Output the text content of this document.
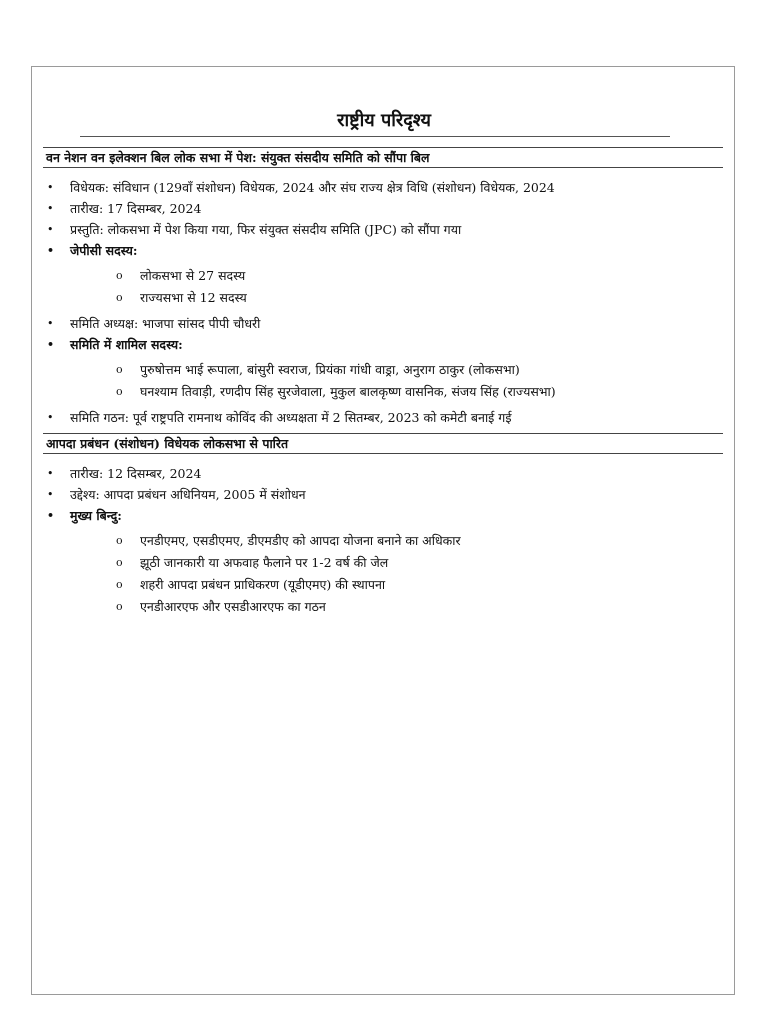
राष्ट्रीय परिदृश्य
वन नेशन वन इलेक्शन बिल लोक सभा में पेश: संयुक्त संसदीय समिति को सौंपा बिल
• विधेयक: संविधान (129वाँ संशोधन) विधेयक, 2024 और संघ राज्य क्षेत्र विधि (संशोधन) विधेयक, 2024
• तारीख: 17 दिसम्बर, 2024
• प्रस्तुति: लोकसभा में पेश किया गया, फिर संयुक्त संसदीय समिति (JPC) को सौंपा गया
• जेपीसी सदस्य:
o लोकसभा से 27 सदस्य
o राज्यसभा से 12 सदस्य
• समिति अध्यक्ष: भाजपा सांसद पीपी चौधरी
• समिति में शामिल सदस्य:
o पुरुषोत्तम भाई रूपाला, बांसुरी स्वराज, प्रियंका गांधी वाड्रा, अनुराग ठाकुर (लोकसभा)
o घनश्याम तिवाड़ी, रणदीप सिंह सुरजेवाला, मुकुल बालकृष्ण वासनिक, संजय सिंह (राज्यसभा)
• समिति गठन: पूर्व राष्ट्रपति रामनाथ कोविंद की अध्यक्षता में 2 सितम्बर, 2023 को कमेटी बनाई गई
आपदा प्रबंधन (संशोधन) विधेयक लोकसभा से पारित
• तारीख: 12 दिसम्बर, 2024
• उद्देश्य: आपदा प्रबंधन अधिनियम, 2005 में संशोधन
• मुख्य बिन्दु:
o एनडीएमए, एसडीएमए, डीएमडीए को आपदा योजना बनाने का अधिकार
o झूठी जानकारी या अफवाह फैलाने पर 1-2 वर्ष की जेल
o शहरी आपदा प्रबंधन प्राधिकरण (यूडीएमए) की स्थापना
o एनडीआरएफ और एसडीआरएफ का गठन
